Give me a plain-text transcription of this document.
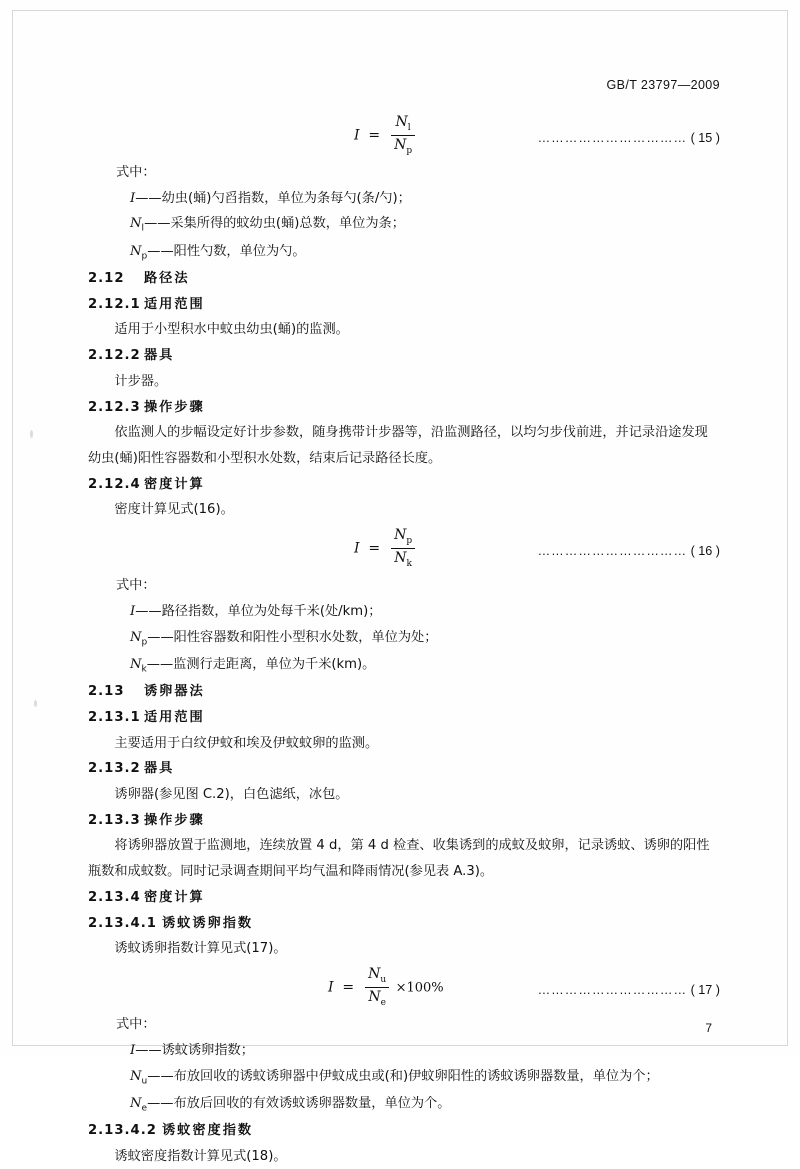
GB/T 23797—2009
$I = \frac{N_l}{N_p}$	…………………………… ( 15 )

式中：

I——幼虫(蛹)勺舀指数，单位为条每勺(条/勺)；

$N_l——$采集所得的蚊幼虫(蛹)总数，单位为条；

$N_p——$阳性勺数，单位为勺。

2.12 路径法

2.12.1 适用范围

适用于小型积水中蚊虫幼虫(蛹)的监测。

2.12.2 器具

计步器。

2.12.3 操作步骤

依监测人的步幅设定好计步参数，随身携带计步器等，沿监测路径，以均匀步伐前进，并记录沿途发现幼虫(蛹)阳性容器数和小型积水处数，结束后记录路径长度。

2.12.4 密度计算

密度计算见式(16)。

$I = \frac{N_p}{N_k}$	…………………………… ( 16 )

式中：

I——路径指数，单位为处每千米(处/km)；

$N_p——$阳性容器数和阳性小型积水处数，单位为处；

$N_k——$监测行走距离，单位为千米(km)。

2.13 诱卵器法

2.13.1 适用范围

主要适用于白纹伊蚊和埃及伊蚊蚊卵的监测。

2.13.2 器具

诱卵器(参见图 C.2)，白色滤纸，冰包。

2.13.3 操作步骤

将诱卵器放置于监测地，连续放置 4 d，第 4 d 检查、收集诱到的成蚊及蚊卵，记录诱蚊、诱卵的阳性瓶数和成蚊数。同时记录调查期间平均气温和降雨情况(参见表 A.3)。

2.13.4 密度计算

2.13.4.1 诱蚊诱卵指数

诱蚊诱卵指数计算见式(17)。

$I = \frac{N_u}{N_e} \times 100\%$	…………………………… ( 17 )

式中：

I——诱蚊诱卵指数；

$N_u——$布放回收的诱蚊诱卵器中伊蚊成虫或(和)伊蚊卵阳性的诱蚊诱卵器数量，单位为个；

$N_e——$布放后回收的有效诱蚊诱卵器数量，单位为个。

2.13.4.2 诱蚊密度指数

诱蚊密度指数计算见式(18)。

7
